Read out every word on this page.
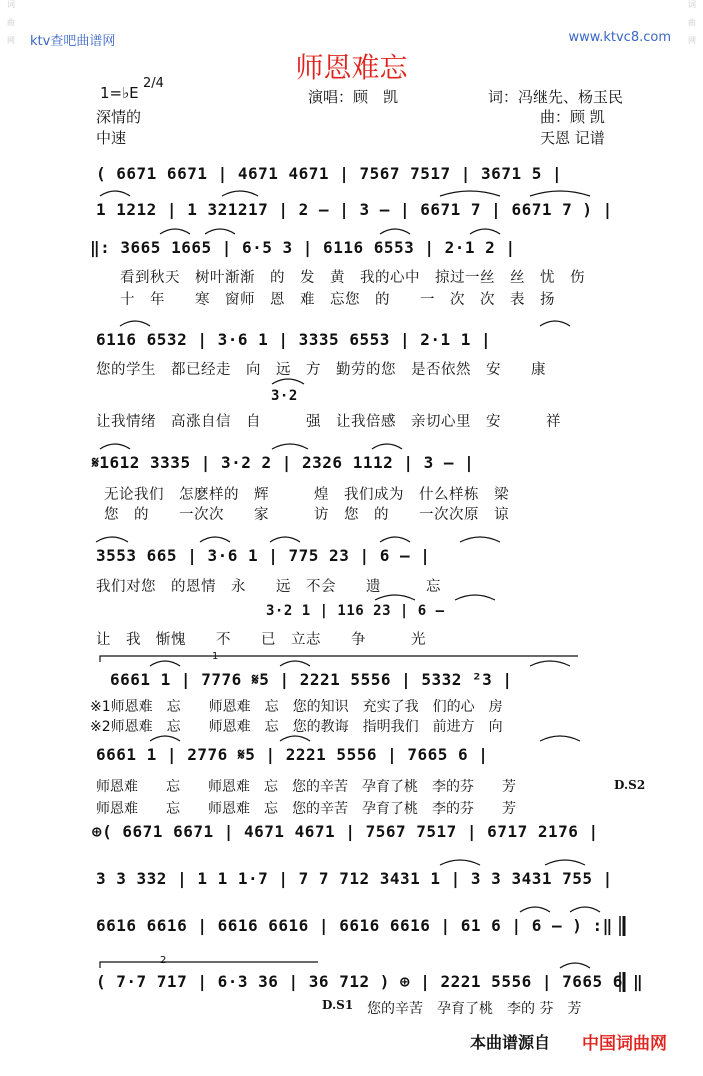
词
曲
网
词
曲
网
ktv查吧曲谱网	www.ktvc8.com
师恩难忘
1=♭E
2/4
演唱：顾　凯	词：冯继先、杨玉民
深情的	曲：顾 凯
中速	天恩 记谱
( 6671 6671 | 4671 4671 | 7567 7517 | 3671 5 |
1 1212 | 1 321217 | 2 — | 3 — | 6671 7 | 6671 7 ) |
‖: 3665 1665 | 6·5 3 | 6116 6553 | 2·1 2 |
看到秋天　树叶渐渐　的　发　黄　我的心中　掠过一丝　丝　忧　伤
十　年　　寒　窗师　恩　难　忘您　的　　一　次　次　表　扬
6116 6532 | 3·6 1 | 3335 6553 | 2·1 1 |
您的学生　都已经走　向　远　方　勤劳的您　是否依然　安　　康
3·2
让我情绪　高涨自信　自　　　强　让我倍感　亲切心里　安　　　祥
𝄋1612 3335 | 3·2 2 | 2326 1112 | 3 — |
无论我们　怎麽样的　辉　　　煌　我们成为　什么样栋　梁
您　的　　一次次　　家　　　访　您　的　　一次次原　谅
3553 665 | 3·6 1 | 775 23 | 6 — |
我们对您　的恩情　永　　远　不会　　遗　　　忘
3·2 1 | 116 23 | 6 —
让　我　惭愧　　不　　已　立志　　争　　　光
1
6661 1 | 7776 𝄋5 | 2221 5556 | 5332 ²3 |
※1师恩难　忘　　师恩难　忘　您的知识　充实了我　们的心　房
※2师恩难　忘　　师恩难　忘　您的教诲　指明我们　前进方　向
6661 1 | 2776 𝄋5 | 2221 5556 | 7665 6 |
师恩难　　忘　　师恩难　忘　您的辛苦　孕育了桃　李的芬　　芳	D.S2
师恩难　　忘　　师恩难　忘　您的辛苦　孕育了桃　李的芬　　芳
⊕( 6671 6671 | 4671 4671 | 7567 7517 | 6717 2176 |
3 3 332 | 1 1 1·7 | 7 7 712 3431 1 | 3 3 3431 755 |
6616 6616 | 6616 6616 | 6616 6616 | 61 6 | 6 — ) :‖
2
( 7·7 717 | 6·3 36 | 36 712 ) ⊕ | 2221 5556 | 7665 6 ‖
D.S1 您的辛苦　孕育了桃　李的 芬　芳
本曲谱源自 中国词曲网
